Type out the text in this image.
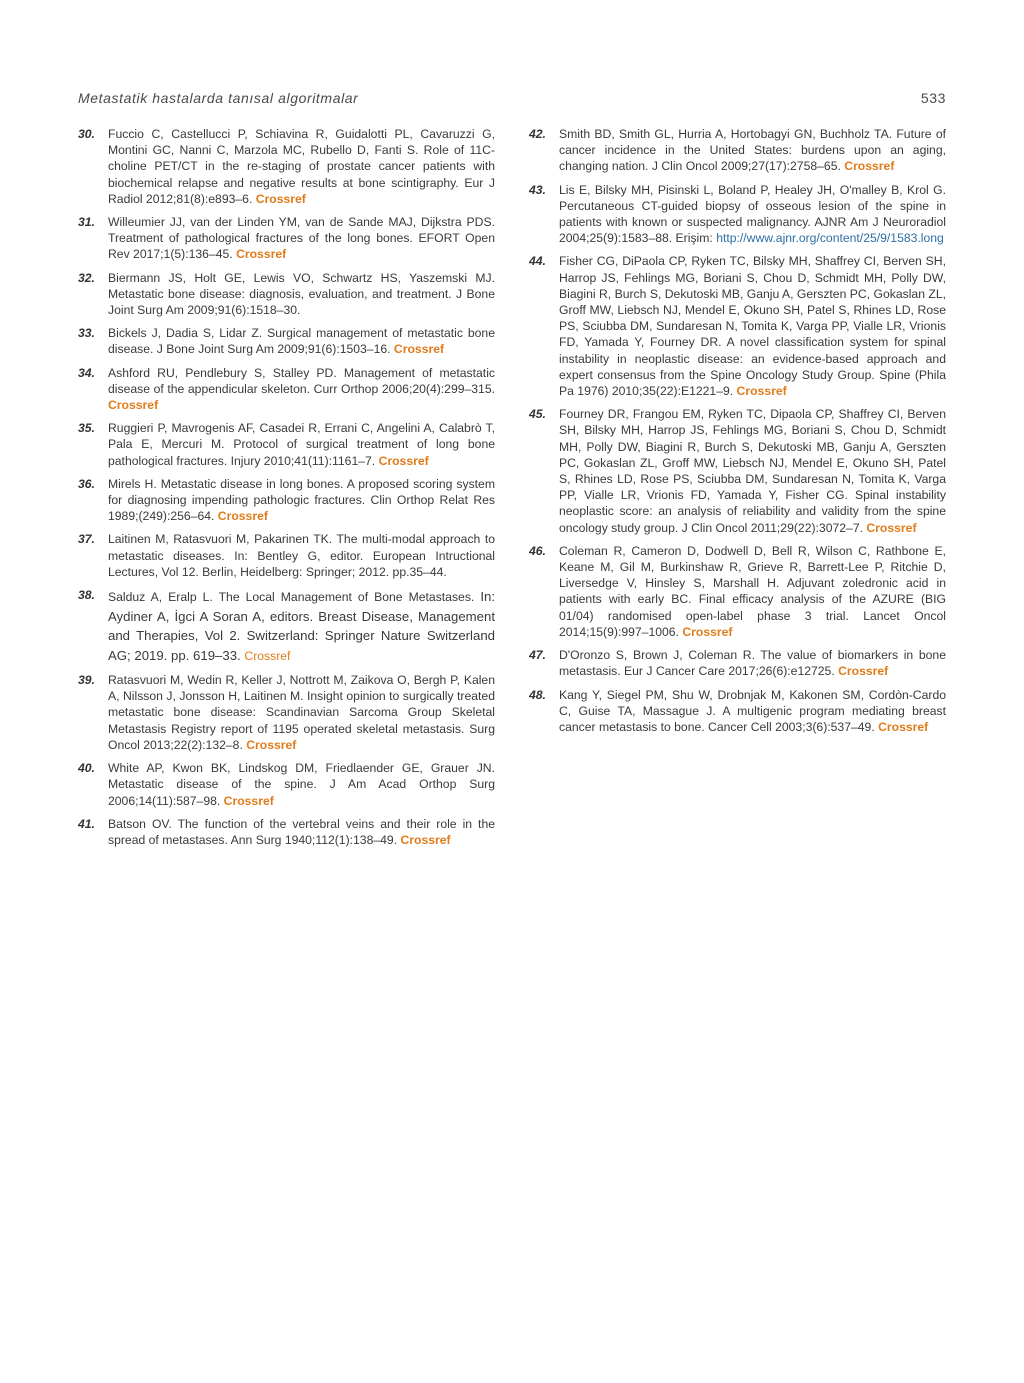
Metastatik hastalarda tanısal algoritmalar	533
30. Fuccio C, Castellucci P, Schiavina R, Guidalotti PL, Cavaruzzi G, Montini GC, Nanni C, Marzola MC, Rubello D, Fanti S. Role of 11C-choline PET/CT in the re-staging of prostate cancer patients with biochemical relapse and negative results at bone scintigraphy. Eur J Radiol 2012;81(8):e893–6. Crossref
31. Willeumier JJ, van der Linden YM, van de Sande MAJ, Dijkstra PDS. Treatment of pathological fractures of the long bones. EFORT Open Rev 2017;1(5):136–45. Crossref
32. Biermann JS, Holt GE, Lewis VO, Schwartz HS, Yaszemski MJ. Metastatic bone disease: diagnosis, evaluation, and treatment. J Bone Joint Surg Am 2009;91(6):1518–30.
33. Bickels J, Dadia S, Lidar Z. Surgical management of metastatic bone disease. J Bone Joint Surg Am 2009;91(6):1503–16. Crossref
34. Ashford RU, Pendlebury S, Stalley PD. Management of metastatic disease of the appendicular skeleton. Curr Orthop 2006;20(4):299–315. Crossref
35. Ruggieri P, Mavrogenis AF, Casadei R, Errani C, Angelini A, Calabrò T, Pala E, Mercuri M. Protocol of surgical treatment of long bone pathological fractures. Injury 2010;41(11):1161–7. Crossref
36. Mirels H. Metastatic disease in long bones. A proposed scoring system for diagnosing impending pathologic fractures. Clin Orthop Relat Res 1989;(249):256–64. Crossref
37. Laitinen M, Ratasvuori M, Pakarinen TK. The multi-modal approach to metastatic diseases. In: Bentley G, editor. European Intructional Lectures, Vol 12. Berlin, Heidelberg: Springer; 2012. pp.35–44.
38. Salduz A, Eralp L. The Local Management of Bone Metastases. In: Aydiner A, İgci A Soran A, editors. Breast Disease, Management and Therapies, Vol 2. Switzerland: Springer Nature Switzerland AG; 2019. pp. 619–33. Crossref
39. Ratasvuori M, Wedin R, Keller J, Nottrott M, Zaikova O, Bergh P, Kalen A, Nilsson J, Jonsson H, Laitinen M. Insight opinion to surgically treated metastatic bone disease: Scandinavian Sarcoma Group Skeletal Metastasis Registry report of 1195 operated skeletal metastasis. Surg Oncol 2013;22(2):132–8. Crossref
40. White AP, Kwon BK, Lindskog DM, Friedlaender GE, Grauer JN. Metastatic disease of the spine. J Am Acad Orthop Surg 2006;14(11):587–98. Crossref
41. Batson OV. The function of the vertebral veins and their role in the spread of metastases. Ann Surg 1940;112(1):138–49. Crossref
42. Smith BD, Smith GL, Hurria A, Hortobagyi GN, Buchholz TA. Future of cancer incidence in the United States: burdens upon an aging, changing nation. J Clin Oncol 2009;27(17):2758–65. Crossref
43. Lis E, Bilsky MH, Pisinski L, Boland P, Healey JH, O'malley B, Krol G. Percutaneous CT-guided biopsy of osseous lesion of the spine in patients with known or suspected malignancy. AJNR Am J Neuroradiol 2004;25(9):1583–88. Erişim: http://www.ajnr.org/content/25/9/1583.long
44. Fisher CG, DiPaola CP, Ryken TC, Bilsky MH, Shaffrey CI, Berven SH, Harrop JS, Fehlings MG, Boriani S, Chou D, Schmidt MH, Polly DW, Biagini R, Burch S, Dekutoski MB, Ganju A, Gerszten PC, Gokaslan ZL, Groff MW, Liebsch NJ, Mendel E, Okuno SH, Patel S, Rhines LD, Rose PS, Sciubba DM, Sundaresan N, Tomita K, Varga PP, Vialle LR, Vrionis FD, Yamada Y, Fourney DR. A novel classification system for spinal instability in neoplastic disease: an evidence-based approach and expert consensus from the Spine Oncology Study Group. Spine (Phila Pa 1976) 2010;35(22):E1221–9. Crossref
45. Fourney DR, Frangou EM, Ryken TC, Dipaola CP, Shaffrey CI, Berven SH, Bilsky MH, Harrop JS, Fehlings MG, Boriani S, Chou D, Schmidt MH, Polly DW, Biagini R, Burch S, Dekutoski MB, Ganju A, Gerszten PC, Gokaslan ZL, Groff MW, Liebsch NJ, Mendel E, Okuno SH, Patel S, Rhines LD, Rose PS, Sciubba DM, Sundaresan N, Tomita K, Varga PP, Vialle LR, Vrionis FD, Yamada Y, Fisher CG. Spinal instability neoplastic score: an analysis of reliability and validity from the spine oncology study group. J Clin Oncol 2011;29(22):3072–7. Crossref
46. Coleman R, Cameron D, Dodwell D, Bell R, Wilson C, Rathbone E, Keane M, Gil M, Burkinshaw R, Grieve R, Barrett-Lee P, Ritchie D, Liversedge V, Hinsley S, Marshall H. Adjuvant zoledronic acid in patients with early BC. Final efficacy analysis of the AZURE (BIG 01/04) randomised open-label phase 3 trial. Lancet Oncol 2014;15(9):997–1006. Crossref
47. D'Oronzo S, Brown J, Coleman R. The value of biomarkers in bone metastasis. Eur J Cancer Care 2017;26(6):e12725. Crossref
48. Kang Y, Siegel PM, Shu W, Drobnjak M, Kakonen SM, Cordòn-Cardo C, Guise TA, Massague J. A multigenic program mediating breast cancer metastasis to bone. Cancer Cell 2003;3(6):537–49. Crossref
